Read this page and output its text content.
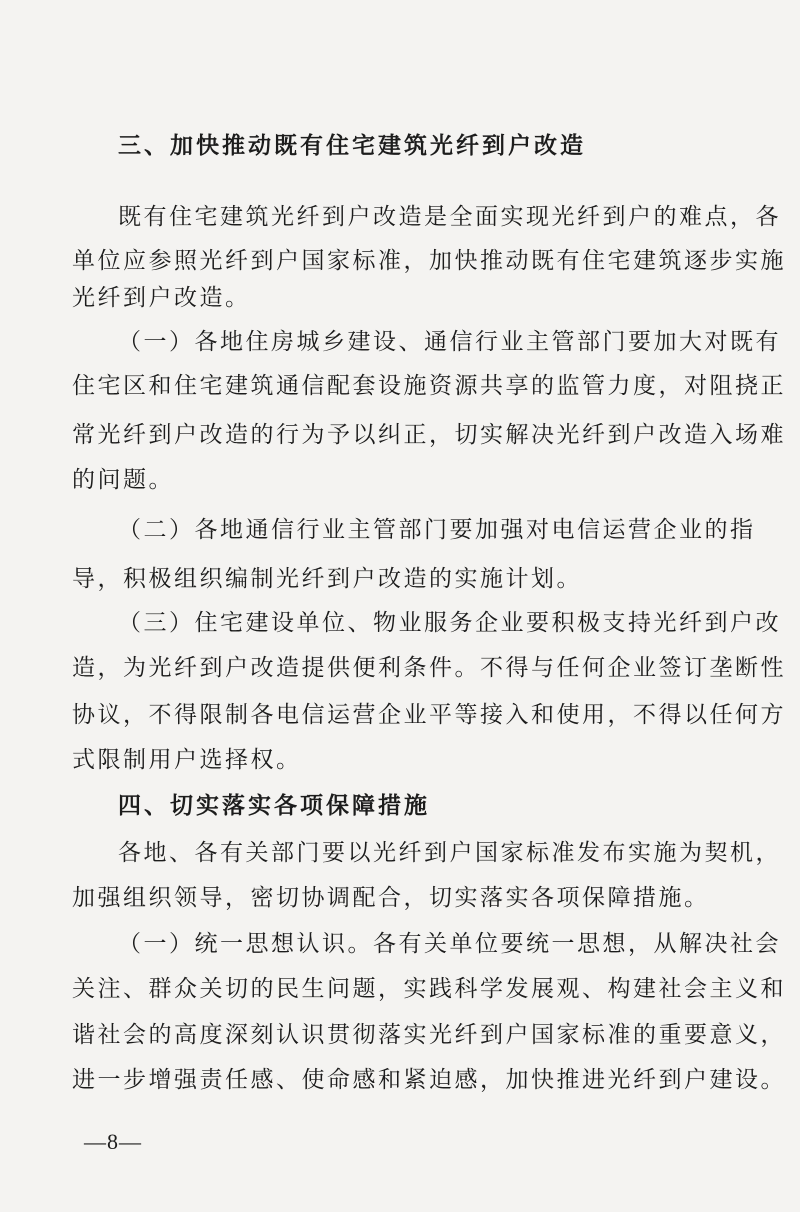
三、加快推动既有住宅建筑光纤到户改造
既有住宅建筑光纤到户改造是全面实现光纤到户的难点，各
单位应参照光纤到户国家标准，加快推动既有住宅建筑逐步实施
光纤到户改造。
（一）各地住房城乡建设、通信行业主管部门要加大对既有
住宅区和住宅建筑通信配套设施资源共享的监管力度，对阻挠正
常光纤到户改造的行为予以纠正，切实解决光纤到户改造入场难
的问题。
（二）各地通信行业主管部门要加强对电信运营企业的指
导，积极组织编制光纤到户改造的实施计划。
（三）住宅建设单位、物业服务企业要积极支持光纤到户改
造，为光纤到户改造提供便利条件。不得与任何企业签订垄断性
协议，不得限制各电信运营企业平等接入和使用，不得以任何方
式限制用户选择权。
四、切实落实各项保障措施
各地、各有关部门要以光纤到户国家标准发布实施为契机，
加强组织领导，密切协调配合，切实落实各项保障措施。
（一）统一思想认识。各有关单位要统一思想，从解决社会
关注、群众关切的民生问题，实践科学发展观、构建社会主义和
谐社会的高度深刻认识贯彻落实光纤到户国家标准的重要意义，
进一步增强责任感、使命感和紧迫感，加快推进光纤到户建设。
—8—
